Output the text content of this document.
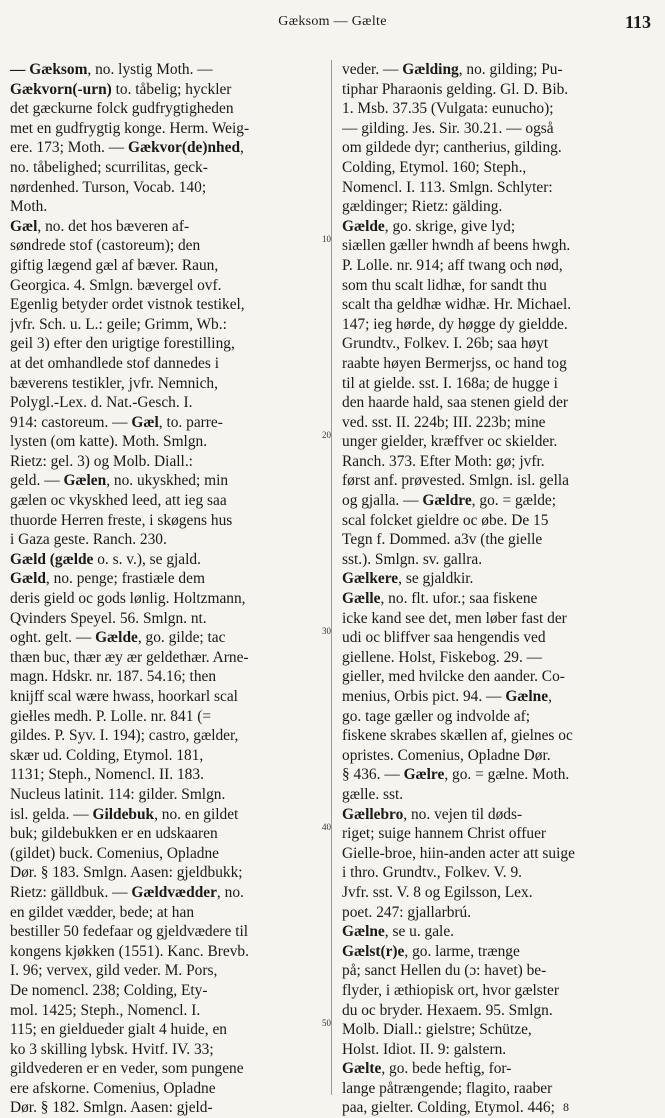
Gæksom — Gælte	113
— Gæksom, no. lystig Moth. —
Gækvorn(-urn) to. tåbelig; hyckler
det gæckurne folck gudfrygtigheden
met en gudfrygtig konge. Herm. Weig-
ere. 173; Moth. — Gækvor(de)nhed,
no. tåbelighed; scurrilitas, geck-
nørdenhed. Turson, Vocab. 140;
Moth.
Gæl, no. det hos bæveren af-
søndrede stof (castoreum); den
giftig lægend gæl af bæver. Raun,
Georgica. 4. Smlgn. bævergel ovf.
Egenlig betyder ordet vistnok testikel,
jvfr. Sch. u. L.: geile; Grimm, Wb.:
geil 3) efter den urigtige forestilling,
at det omhandlede stof dannedes i
bæverens testikler, jvfr. Nemnich,
Polygl.-Lex. d. Nat.-Gesch. I.
914: castoreum. — Gæl, to. parre-
lysten (om katte). Moth. Smlgn.
Rietz: gel. 3) og Molb. Diall.:
geld. — Gælen, no. ukyskhed; min
gælen oc vkyskhed leed, att ieg saa
thuorde Herren freste, i skøgens hus
i Gaza geste. Ranch. 230.
Gæld (gælde o. s. v.), se gjald.
Gæld, no. penge; frastiæle dem
deris gield oc gods lønlig. Holtzmann,
Qvinders Speyel. 56. Smlgn. nt.
oght. gelt. — Gælde, go. gilde; tac
thæn buc, thær æy ær geldethær. Arne-
magn. Hdskr. nr. 187. 54.16; then
knijff scal wære hwass, hoorkarl scal
giełles medh. P. Lolle. nr. 841 (=
gildes. P. Syv. I. 194); castro, gælder,
skær ud. Colding, Etymol. 181,
1131; Steph., Nomencl. II. 183.
Nucleus latinit. 114: gilder. Smlgn.
isl. gelda. — Gildebuk, no. en gildet
buk; gildebukken er en udskaaren
(gildet) buck. Comenius, Opladne
Dør. § 183. Smlgn. Aasen: gjeldbukk;
Rietz: gälldbuk. — Gældvædder, no.
en gildet vædder, bede; at han
bestiller 50 fedefaar og gjeldvædere til
kongens kjøkken (1551). Kanc. Brevb.
I. 96; vervex, gild veder. M. Pors,
De nomencl. 238; Colding, Ety-
mol. 1425; Steph., Nomencl. I.
115; en gieldueder gialt 4 huide, en
ko 3 skilling lybsk. Hvitf. IV. 33;
gildvederen er en veder, som pungene
ere afskorne. Comenius, Opladne
Dør. § 182. Smlgn. Aasen: gjeld-
veder. — Gælding, no. gilding; Pu-
tiphar Pharaonis gelding. Gl. D. Bib.
1. Msb. 37.35 (Vulgata: eunucho);
— gilding. Jes. Sir. 30.21. — også
om gildede dyr; cantherius, gilding.
Colding, Etymol. 160; Steph.,
Nomencl. I. 113. Smlgn. Schlyter:
gældinger; Rietz: gälding.
Gælde, go. skrige, give lyd;
siællen gæller hwndh af beens hwgh.
P. Lolle. nr. 914; aff twang och nød,
som thu scalt lidhæ, for sandt thu
scalt tha geldhæ widhæ. Hr. Michael.
147; ieg hørde, dy høgge dy gieldde.
Grundtv., Folkev. I. 26b; saa høyt
raabte høyen Bermerjss, oc hand tog
til at gielde. sst. I. 168a; de hugge i
den haarde hald, saa stenen gield der
ved. sst. II. 224b; III. 223b; mine
unger gielder, kræffver oc skielder.
Ranch. 373. Efter Moth: gø; jvfr.
først anf. prøvested. Smlgn. isl. gella
og gjalla. — Gældre, go. = gælde;
scal folcket gieldre oc øbe. De 15
Tegn f. Dommed. a3v (the gielle
sst.). Smlgn. sv. gallra.
Gælkere, se gjaldkir.
Gælle, no. flt. ufor.; saa fiskene
icke kand see det, men løber fast der
udi oc bliffver saa hengendis ved
giellene. Holst, Fiskebog. 29. —
gieller, med hvilcke den aander. Co-
menius, Orbis pict. 94. — Gælne,
go. tage gæller og indvolde af;
fiskene skrabes skællen af, gielnes oc
opristes. Comenius, Opladne Dør.
§ 436. — Gælre, go. = gælne. Moth.
gælle. sst.
Gællebro, no. vejen til døds-
riget; suige hannem Christ offuer
Gielle-broe, hiin-anden acter att suige
i thro. Grundtv., Folkev. V. 9.
Jvfr. sst. V. 8 og Egilsson, Lex.
poet. 247: gjallarbrú.
Gælne, se u. gale.
Gælst(r)e, go. larme, trænge
på; sanct Hellen du (ɔ: havet) be-
flyder, i æthiopisk ort, hvor gælster
du oc bryder. Hexaem. 95. Smlgn.
Molb. Diall.: gielstre; Schütze,
Holst. Idiot. II. 9: galstern.
Gælte, go. bede heftig, for-
lange påtrængende; flagito, raaber
paa, gielter. Colding, Etymol. 446;
10
20
30
40
50
8
